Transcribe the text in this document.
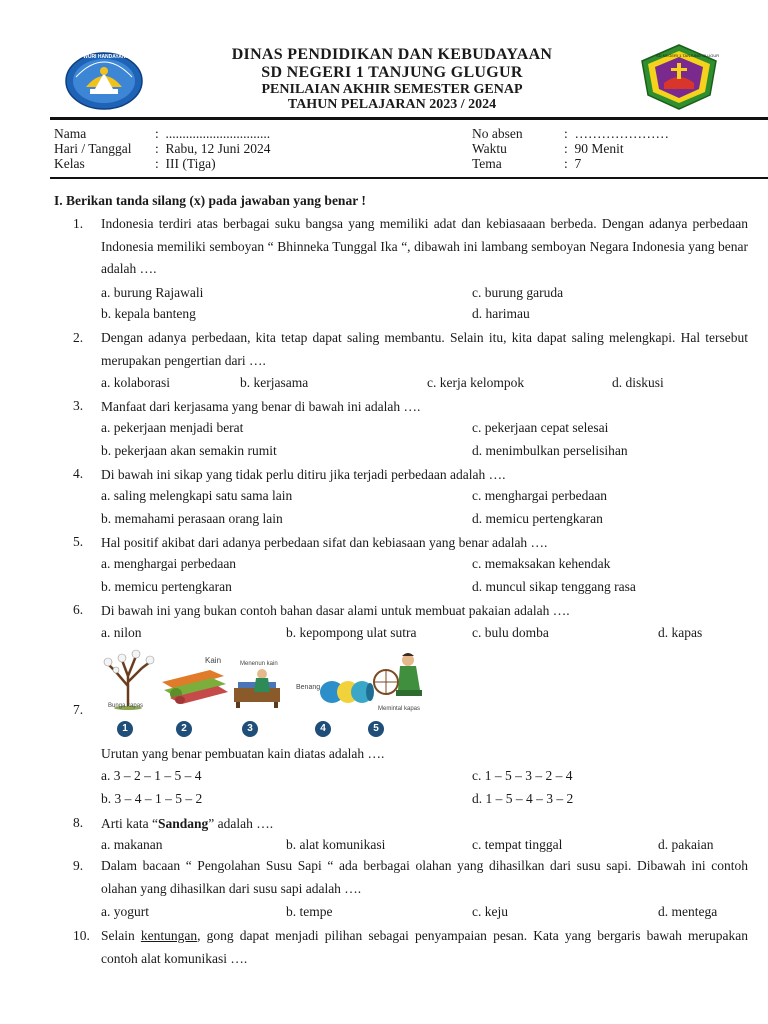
TUT WURI HANDAYANI	SD NEGERI 1 TANJUNG GLUGUR
DINAS PENDIDIKAN DAN KEBUDAYAAN
SD NEGERI 1 TANJUNG GLUGUR
PENILAIAN AKHIR SEMESTER GENAP
TAHUN PELAJARAN 2023 / 2024
Nama	:  ...............................
Hari / Tanggal :  Rabu, 12 Juni 2024
Kelas	:  III (Tiga)
No absen	:  …………………
Waktu	:  90 Menit
Tema	:  7
I. Berikan tanda silang (x) pada jawaban yang benar !
1. Indonesia terdiri atas berbagai suku bangsa yang memiliki adat dan kebiasaaan berbeda. Dengan adanya perbedaan Indonesia memiliki semboyan “ Bhinneka Tunggal Ika “, dibawah ini lambang semboyan Negara Indonesia yang benar adalah ….
a. burung Rajawali
b. kepala banteng
c. burung garuda
d. harimau
2. Dengan adanya perbedaan, kita tetap dapat saling membantu. Selain itu, kita dapat saling melengkapi. Hal tersebut merupakan pengertian dari ….
a. kolaborasi	b. kerjasama	c. kerja kelompok	d. diskusi
3. Manfaat dari kerjasama yang benar di bawah ini adalah ….
a. pekerjaan menjadi berat
b. pekerjaan akan semakin rumit
c. pekerjaan cepat selesai
d. menimbulkan perselisihan
4. Di bawah ini sikap yang tidak perlu ditiru jika terjadi perbedaan adalah ….
a. saling melengkapi satu sama lain
b. memahami perasaan orang lain
c. menghargai perbedaan
d. memicu pertengkaran
5. Hal positif akibat dari adanya perbedaan sifat dan kebiasaan yang benar adalah ….
a. menghargai perbedaan
b. memicu pertengkaran
c. memaksakan kehendak
d. muncul sikap tenggang rasa
6. Di bawah ini yang bukan contoh bahan dasar alami untuk membuat pakaian adalah ….
a. nilon	b. kepompong ulat sutra	c. bulu domba	d. kapas
7.	Bunga kapas
Kain	Menenun kain
Benang
Memintal kapas
1	2	3	4	5
Urutan yang benar pembuatan kain diatas adalah ….
a. 3 – 2 – 1 – 5 – 4
b. 3 – 4 – 1 – 5 – 2
c. 1 – 5 – 3 – 2 – 4
d. 1 – 5 – 4 – 3 – 2
8. Arti kata “Sandang” adalah ….
a. makanan	b. alat komunikasi	c. tempat tinggal	d. pakaian
9. Dalam bacaan “ Pengolahan Susu Sapi “ ada berbagai olahan yang dihasilkan dari susu sapi. Dibawah ini contoh olahan yang dihasilkan dari susu sapi adalah ….
a. yogurt	b. tempe	c. keju	d. mentega
10. Selain kentungan, gong dapat menjadi pilihan sebagai penyampaian pesan. Kata yang bergaris bawah merupakan contoh alat komunikasi ….
